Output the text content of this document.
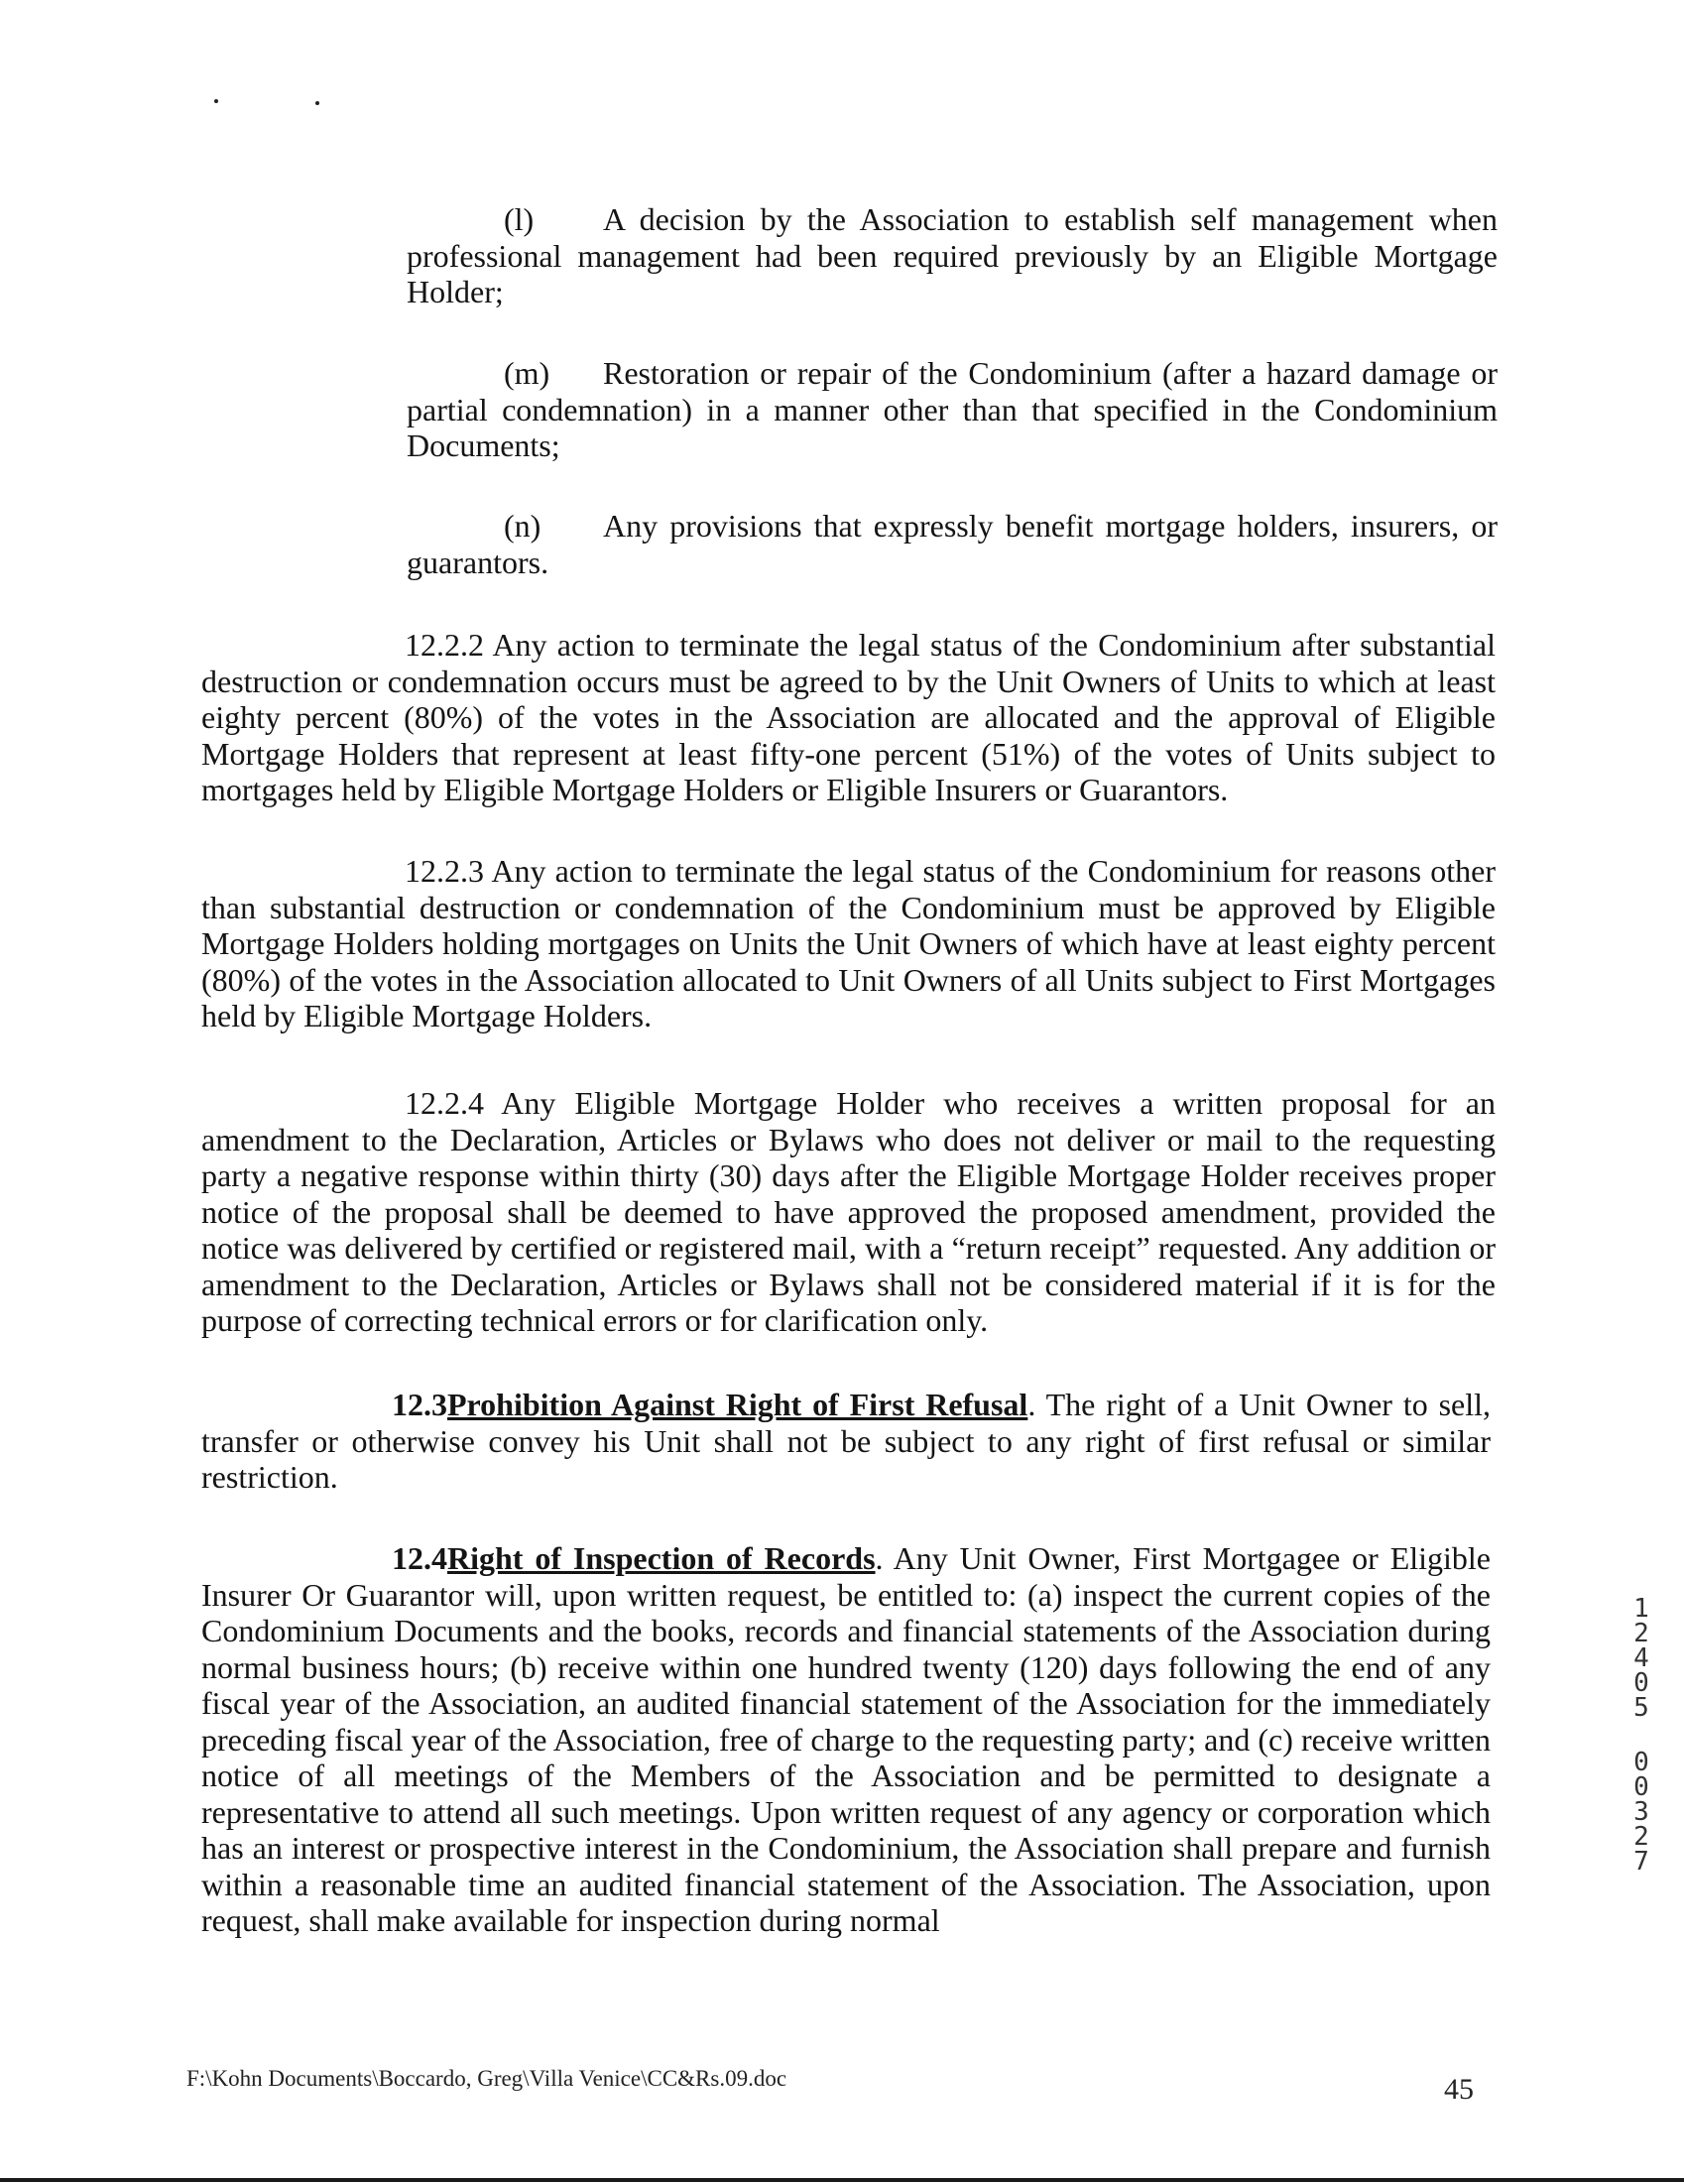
(l) A decision by the Association to establish self management when professional management had been required previously by an Eligible Mortgage Holder;

(m) Restoration or repair of the Condominium (after a hazard damage or partial condemnation) in a manner other than that specified in the Condominium Documents;

(n) Any provisions that expressly benefit mortgage holders, insurers, or guarantors.

12.2.2 Any action to terminate the legal status of the Condominium after substantial destruction or condemnation occurs must be agreed to by the Unit Owners of Units to which at least eighty percent (80%) of the votes in the Association are allocated and the approval of Eligible Mortgage Holders that represent at least fifty-one percent (51%) of the votes of Units subject to mortgages held by Eligible Mortgage Holders or Eligible Insurers or Guarantors.

12.2.3 Any action to terminate the legal status of the Condominium for reasons other than substantial destruction or condemnation of the Condominium must be approved by Eligible Mortgage Holders holding mortgages on Units the Unit Owners of which have at least eighty percent (80%) of the votes in the Association allocated to Unit Owners of all Units subject to First Mortgages held by Eligible Mortgage Holders.

12.2.4 Any Eligible Mortgage Holder who receives a written proposal for an amendment to the Declaration, Articles or Bylaws who does not deliver or mail to the requesting party a negative response within thirty (30) days after the Eligible Mortgage Holder receives proper notice of the proposal shall be deemed to have approved the proposed amendment, provided the notice was delivered by certified or registered mail, with a “return receipt” requested. Any addition or amendment to the Declaration, Articles or Bylaws shall not be considered material if it is for the purpose of correcting technical errors or for clarification only.

12.3Prohibition Against Right of First Refusal. The right of a Unit Owner to sell, transfer or otherwise convey his Unit shall not be subject to any right of first refusal or similar restriction.

12.4Right of Inspection of Records. Any Unit Owner, First Mortgagee or Eligible Insurer Or Guarantor will, upon written request, be entitled to: (a) inspect the current copies of the Condominium Documents and the books, records and financial statements of the Association during normal business hours; (b) receive within one hundred twenty (120) days following the end of any fiscal year of the Association, an audited financial statement of the Association for the immediately preceding fiscal year of the Association, free of charge to the requesting party; and (c) receive written notice of all meetings of the Members of the Association and be permitted to designate a representative to attend all such meetings. Upon written request of any agency or corporation which has an interest or prospective interest in the Condominium, the Association shall prepare and furnish within a reasonable time an audited financial statement of the Association. The Association, upon request, shall make available for inspection during normal

1
2
4
0
5
0
0
3
2
7
F:\Kohn Documents\Boccardo, Greg\Villa Venice\CC&Rs.09.doc	45
